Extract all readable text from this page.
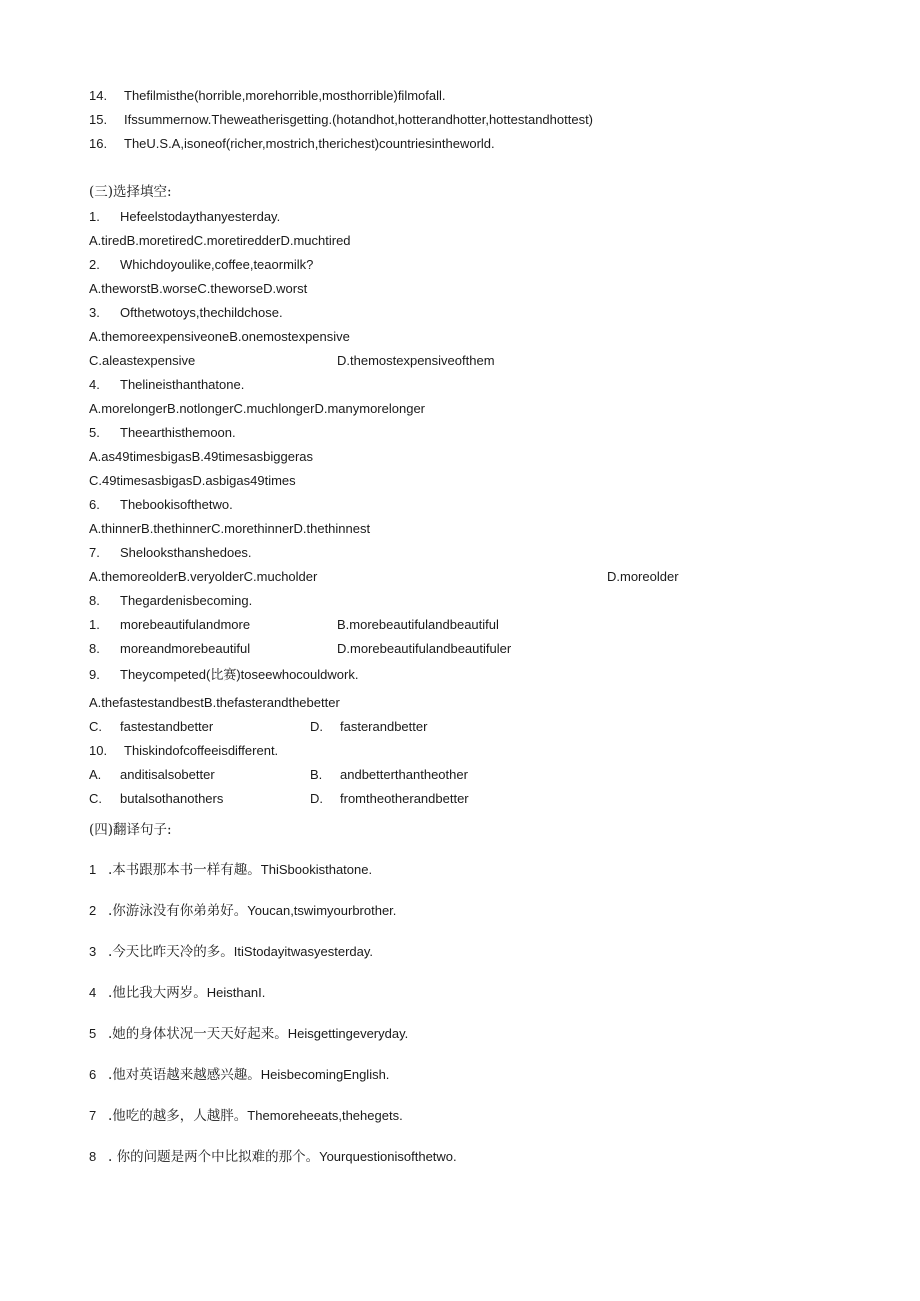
14. Thefilmisthe(horrible,morehorrible,mosthorrible)filmofall.
15. Ifssummernow.Theweatherisgetting.(hotandhot,hotterandhotter,hottestandhottest)
16. TheU.S.A,isoneof(richer,mostrich,therichest)countriesintheworld.
(三)选择填空:
1. Hefeelstodaythanyesterday.
A.tiredB.moretiredC.moretiredderD.muchtired
2. Whichdoyoulike,coffee,teaormilk?
A.theworstB.worseC.theworseD.worst
3. Ofthetwotoys,thechildchose.
A.themoreexpensiveoneB.onemostexpensive
C.aleastexpensive	D.themostexpensiveofthem
4. Thelineisthanthatone.
A.morelongerB.notlongerC.muchlongerD.manymorelonger
5. Theearthisthemoon.
A.as49timesbigasB.49timesasbiggeras
C.49timesasbigasD.asbigas49times
6. Thebookisofthetwo.
A.thinnerB.thethinnerC.morethinnerD.thethinnest
7. Shelooksthanshedoes.
A.themoreolderB.veryolderC.mucholder	D.moreolder
8. Thegardenisbecoming.
1. morebeautifulandmore	B.morebeautifulandbeautiful
8. moreandmorebeautiful	D.morebeautifulandbeautifuler
9. Theycompeted(比赛)toseewhocouldwork.
A.thefastestandbestB.thefasterandthebetter
C. fastestandbetter	D. fasterandbetter
10. Thiskindofcoffeeisdifferent.
A. anditisalsobetter	B. andbetterthantheother
C. butalsothanothers	D. fromtheotherandbetter
(四)翻译句子:
1 .本书跟那本书一样有趣。ThiSbookisthatone.
2 .你游泳没有你弟弟好。Youcan,tswimyourbrother.
3 .今天比昨天冷的多。ItiStodayitwasyesterday.
4 .他比我大两岁。HeisthanI.
5 .她的身体状况一天天好起来。Heisgettingeveryday.
6 .他对英语越来越感兴趣。HeisbecomingEnglish.
7 .他吃的越多，人越胖。Themoreheeats,thehegets.
8 . 你的问题是两个中比拟难的那个。Yourquestionisofthetwo.
